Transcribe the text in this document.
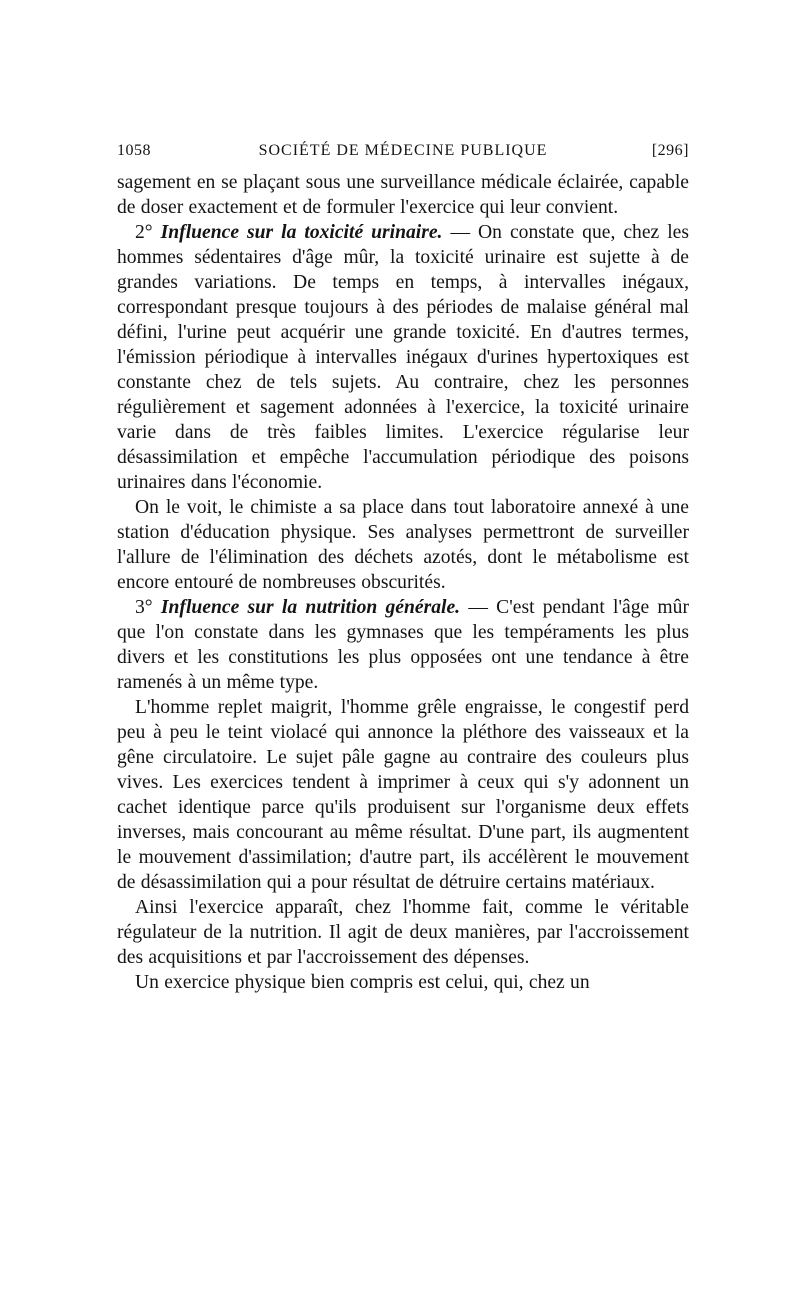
1058	SOCIÉTÉ DE MÉDECINE PUBLIQUE	[296]

sagement en se plaçant sous une surveillance médicale éclairée, capable de doser exactement et de formuler l'exercice qui leur convient.

2° Influence sur la toxicité urinaire. — On constate que, chez les hommes sédentaires d'âge mûr, la toxicité urinaire est sujette à de grandes variations. De temps en temps, à intervalles inégaux, correspondant presque toujours à des périodes de malaise général mal défini, l'urine peut acquérir une grande toxicité. En d'autres termes, l'émission périodique à intervalles inégaux d'urines hypertoxiques est constante chez de tels sujets. Au contraire, chez les personnes régulièrement et sagement adonnées à l'exercice, la toxicité urinaire varie dans de très faibles limites. L'exercice régularise leur désassimilation et empêche l'accumulation périodique des poisons urinaires dans l'économie.

On le voit, le chimiste a sa place dans tout laboratoire annexé à une station d'éducation physique. Ses analyses permettront de surveiller l'allure de l'élimination des déchets azotés, dont le métabolisme est encore entouré de nombreuses obscurités.

3° Influence sur la nutrition générale. — C'est pendant l'âge mûr que l'on constate dans les gymnases que les tempéraments les plus divers et les constitutions les plus opposées ont une tendance à être ramenés à un même type.

L'homme replet maigrit, l'homme grêle engraisse, le congestif perd peu à peu le teint violacé qui annonce la pléthore des vaisseaux et la gêne circulatoire. Le sujet pâle gagne au contraire des couleurs plus vives. Les exercices tendent à imprimer à ceux qui s'y adonnent un cachet identique parce qu'ils produisent sur l'organisme deux effets inverses, mais concourant au même résultat. D'une part, ils augmentent le mouvement d'assimilation; d'autre part, ils accélèrent le mouvement de désassimilation qui a pour résultat de détruire certains matériaux.

Ainsi l'exercice apparaît, chez l'homme fait, comme le véritable régulateur de la nutrition. Il agit de deux manières, par l'accroissement des acquisitions et par l'accroissement des dépenses.

Un exercice physique bien compris est celui, qui, chez un
